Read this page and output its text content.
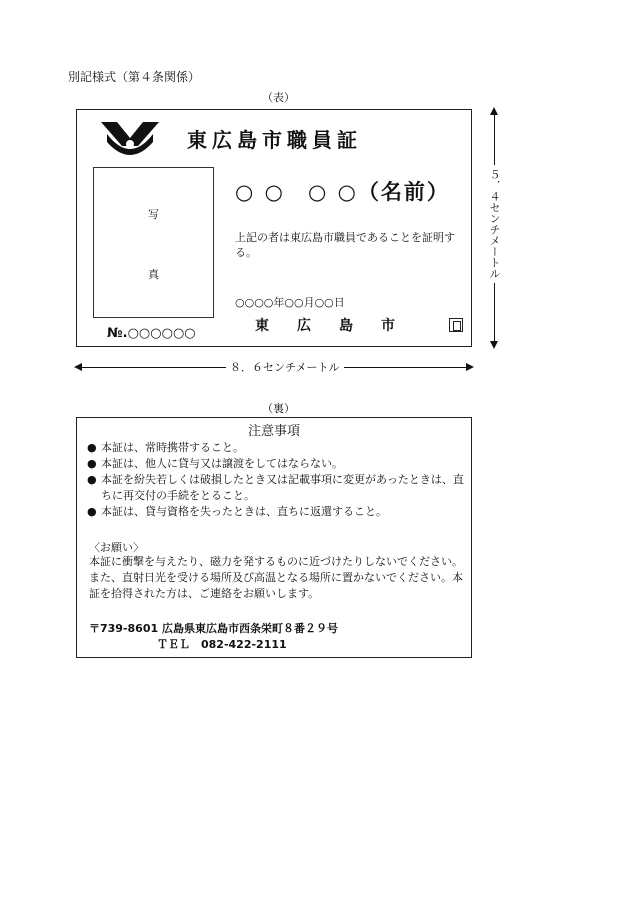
別記様式（第４条関係）
（表）
東広島市職員証
写
真
○ ○　○ ○（名前）
上記の者は東広島市職員であることを証明する。
○○○○年○○月○○日
東広島市
№.○○○○○○
８．６センチメートル
５．４センチメートル
（裏）
注意事項
● 本証は、常時携帯すること。
● 本証は、他人に貸与又は譲渡をしてはならない。
● 本証を紛失若しくは破損したとき又は記載事項に変更があったときは、直ちに再交付の手続をとること。
● 本証は、貸与資格を失ったときは、直ちに返還すること。
〈お願い〉
本証に衝撃を与えたり、磁力を発するものに近づけたりしないでください。また、直射日光を受ける場所及び高温となる場所に置かないでください。本証を拾得された方は、ご連絡をお願いします。
〒739-8601 広島県東広島市西条栄町８番２９号
ＴＥＬ　082-422-2111
